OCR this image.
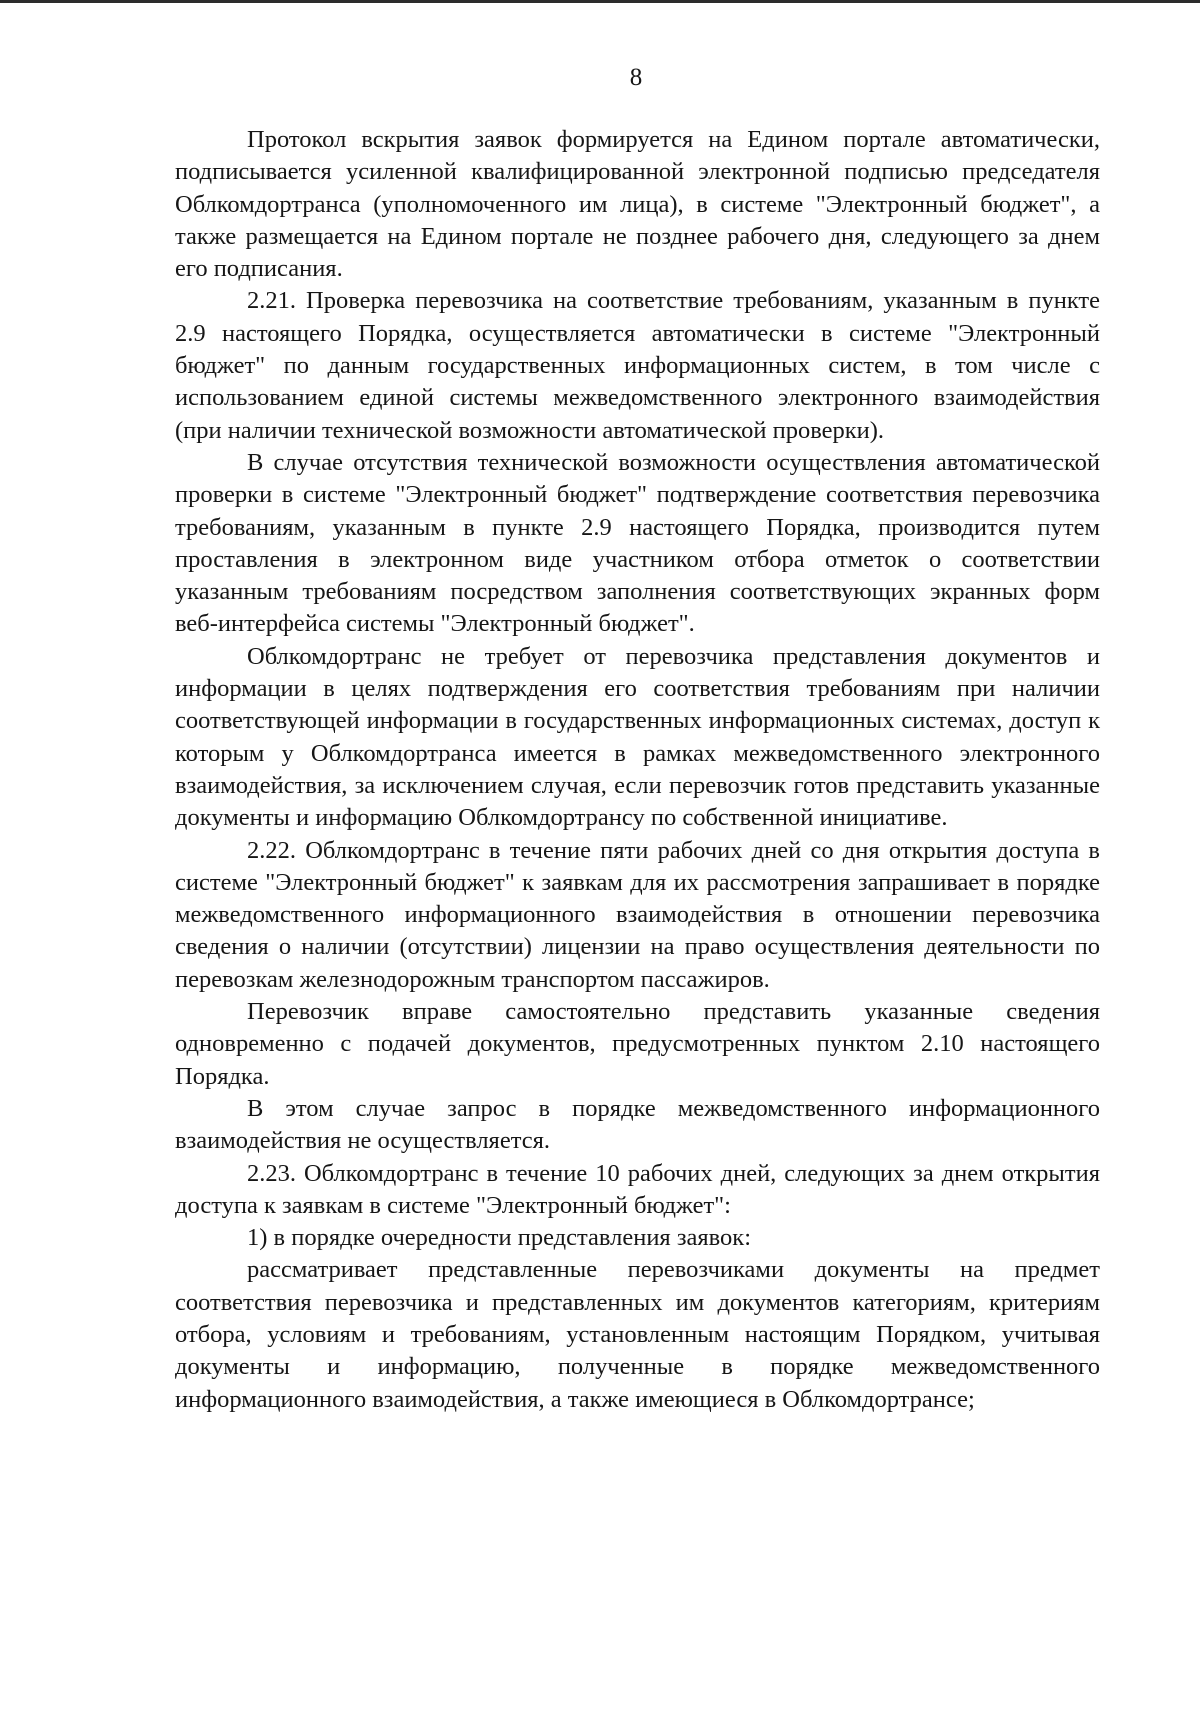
8

Протокол вскрытия заявок формируется на Едином портале автоматически, подписывается усиленной квалифицированной электронной подписью председателя Облкомдортранса (уполномоченного им лица), в системе "Электронный бюджет", а также размещается на Едином портале не позднее рабочего дня, следующего за днем его подписания.

2.21. Проверка перевозчика на соответствие требованиям, указанным в пункте 2.9 настоящего Порядка, осуществляется автоматически в системе "Электронный бюджет" по данным государственных информационных систем, в том числе с использованием единой системы межведомственного электронного взаимодействия (при наличии технической возможности автоматической проверки).

В случае отсутствия технической возможности осуществления автоматической проверки в системе "Электронный бюджет" подтверждение соответствия перевозчика требованиям, указанным в пункте 2.9 настоящего Порядка, производится путем проставления в электронном виде участником отбора отметок о соответствии указанным требованиям посредством заполнения соответствующих экранных форм веб-интерфейса системы "Электронный бюджет".

Облкомдортранс не требует от перевозчика представления документов и информации в целях подтверждения его соответствия требованиям при наличии соответствующей информации в государственных информационных системах, доступ к которым у Облкомдортранса имеется в рамках межведомственного электронного взаимодействия, за исключением случая, если перевозчик готов представить указанные документы и информацию Облкомдортрансу по собственной инициативе.

2.22. Облкомдортранс в течение пяти рабочих дней со дня открытия доступа в системе "Электронный бюджет" к заявкам для их рассмотрения запрашивает в порядке межведомственного информационного взаимодействия в отношении перевозчика сведения о наличии (отсутствии) лицензии на право осуществления деятельности по перевозкам железнодорожным транспортом пассажиров.

Перевозчик вправе самостоятельно представить указанные сведения одновременно с подачей документов, предусмотренных пунктом 2.10 настоящего Порядка.

В этом случае запрос в порядке межведомственного информационного взаимодействия не осуществляется.

2.23. Облкомдортранс в течение 10 рабочих дней, следующих за днем открытия доступа к заявкам в системе "Электронный бюджет":

1) в порядке очередности представления заявок:

рассматривает представленные перевозчиками документы на предмет соответствия перевозчика и представленных им документов категориям, критериям отбора, условиям и требованиям, установленным настоящим Порядком, учитывая документы и информацию, полученные в порядке межведомственного информационного взаимодействия, а также имеющиеся в Облкомдортрансе;
